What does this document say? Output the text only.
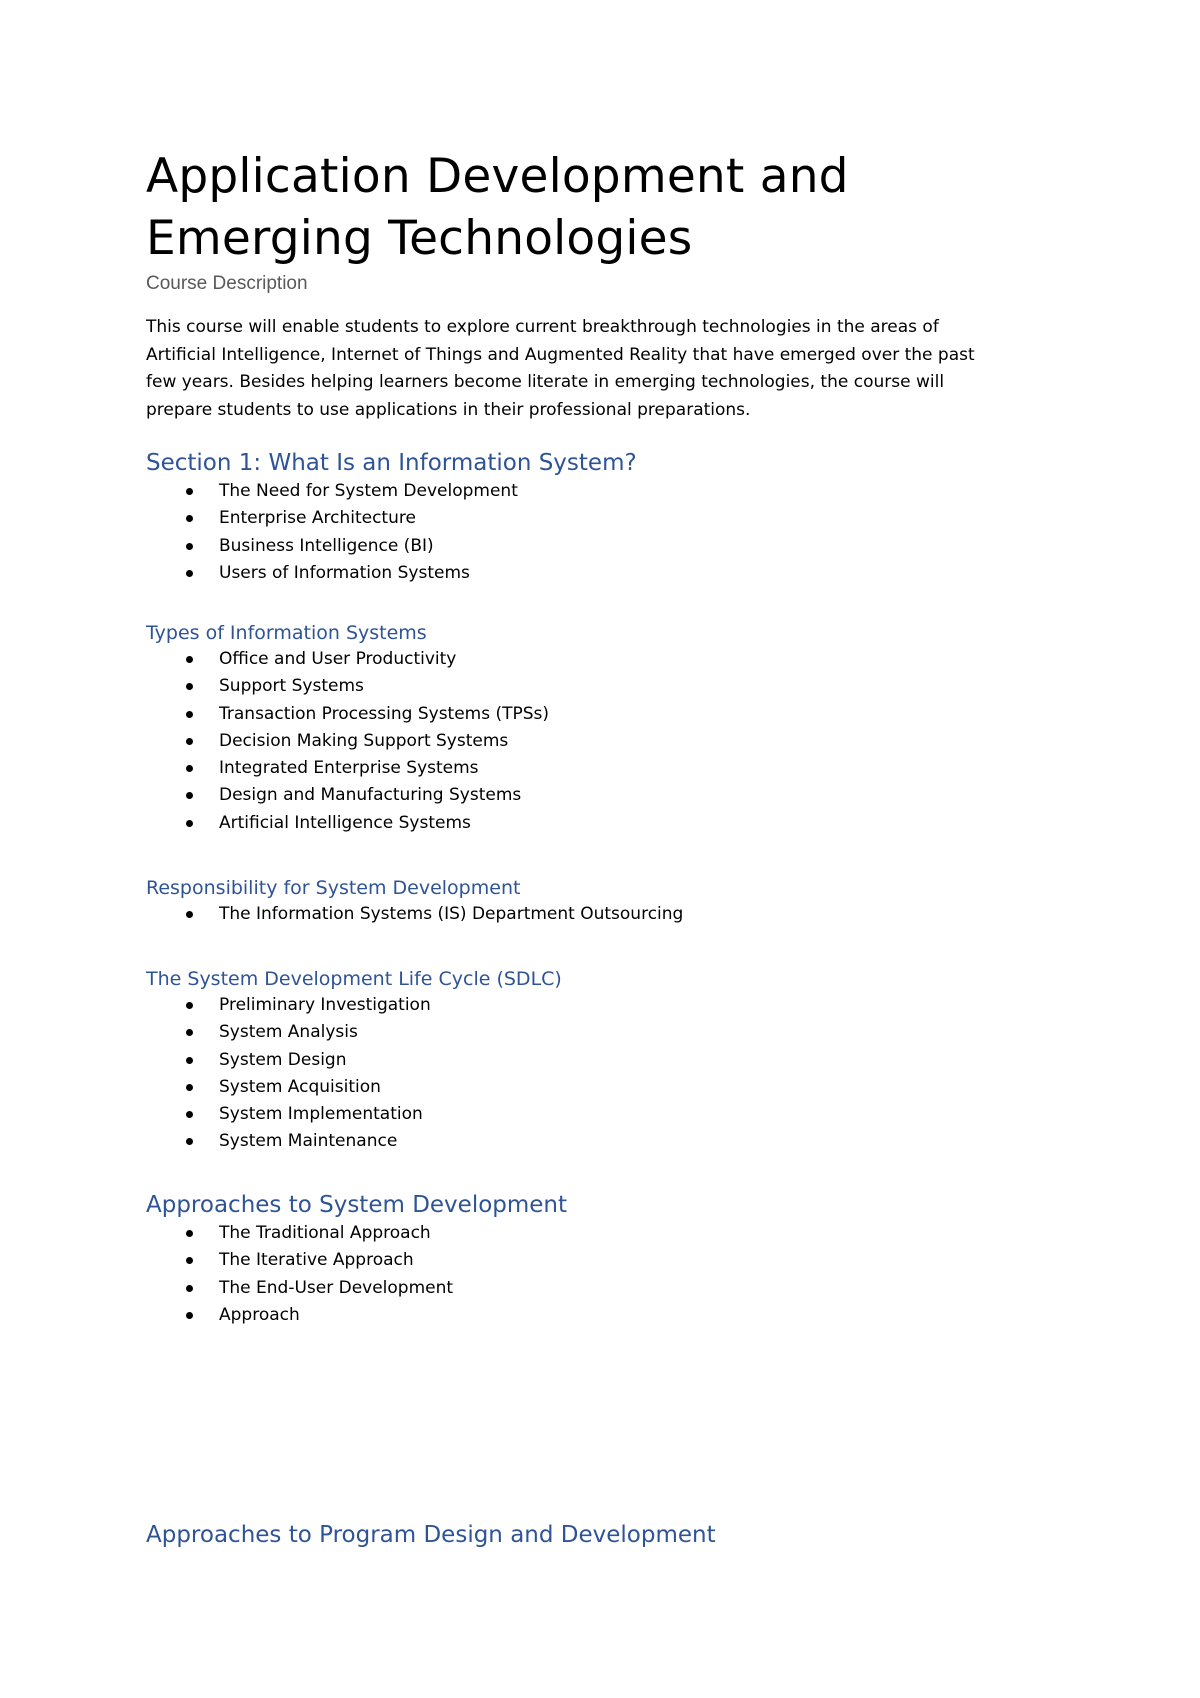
Application Development and
Emerging Technologies
Course Description

This course will enable students to explore current breakthrough technologies in the areas of Artificial Intelligence, Internet of Things and Augmented Reality that have emerged over the past few years. Besides helping learners become literate in emerging technologies, the course will prepare students to use applications in their professional preparations.

Section 1: What Is an Information System?
The Need for System Development
Enterprise Architecture
Business Intelligence (BI)
Users of Information Systems
Types of Information Systems
Office and User Productivity
Support Systems
Transaction Processing Systems (TPSs)
Decision Making Support Systems
Integrated Enterprise Systems
Design and Manufacturing Systems
Artificial Intelligence Systems
Responsibility for System Development
The Information Systems (IS) Department Outsourcing
The System Development Life Cycle (SDLC)
Preliminary Investigation
System Analysis
System Design
System Acquisition
System Implementation
System Maintenance
Approaches to System Development
The Traditional Approach
The Iterative Approach
The End-User Development
Approach
Approaches to Program Design and Development
